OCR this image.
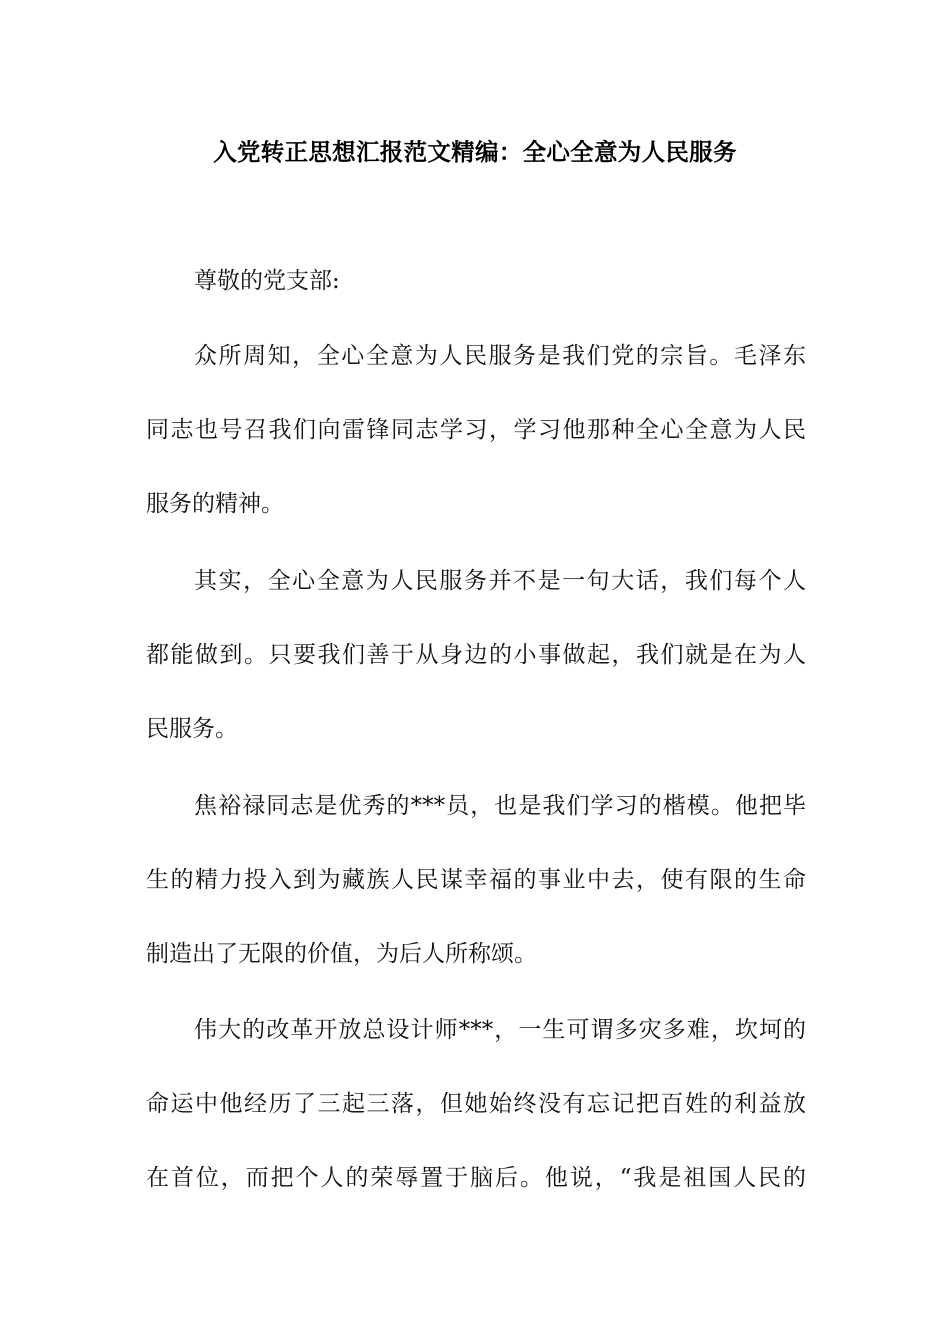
入党转正思想汇报范文精编：全心全意为人民服务
尊敬的党支部:
众所周知，全心全意为人民服务是我们党的宗旨。毛泽东
同志也号召我们向雷锋同志学习，学习他那种全心全意为人民
服务的精神。
其实，全心全意为人民服务并不是一句大话，我们每个人
都能做到。只要我们善于从身边的小事做起，我们就是在为人
民服务。
焦裕禄同志是优秀的***员，也是我们学习的楷模。他把毕
生的精力投入到为藏族人民谋幸福的事业中去，使有限的生命
制造出了无限的价值，为后人所称颂。
伟大的改革开放总设计师***，一生可谓多灾多难，坎坷的
命运中他经历了三起三落，但她始终没有忘记把百姓的利益放
在首位，而把个人的荣辱置于脑后。他说，“我是祖国人民的
